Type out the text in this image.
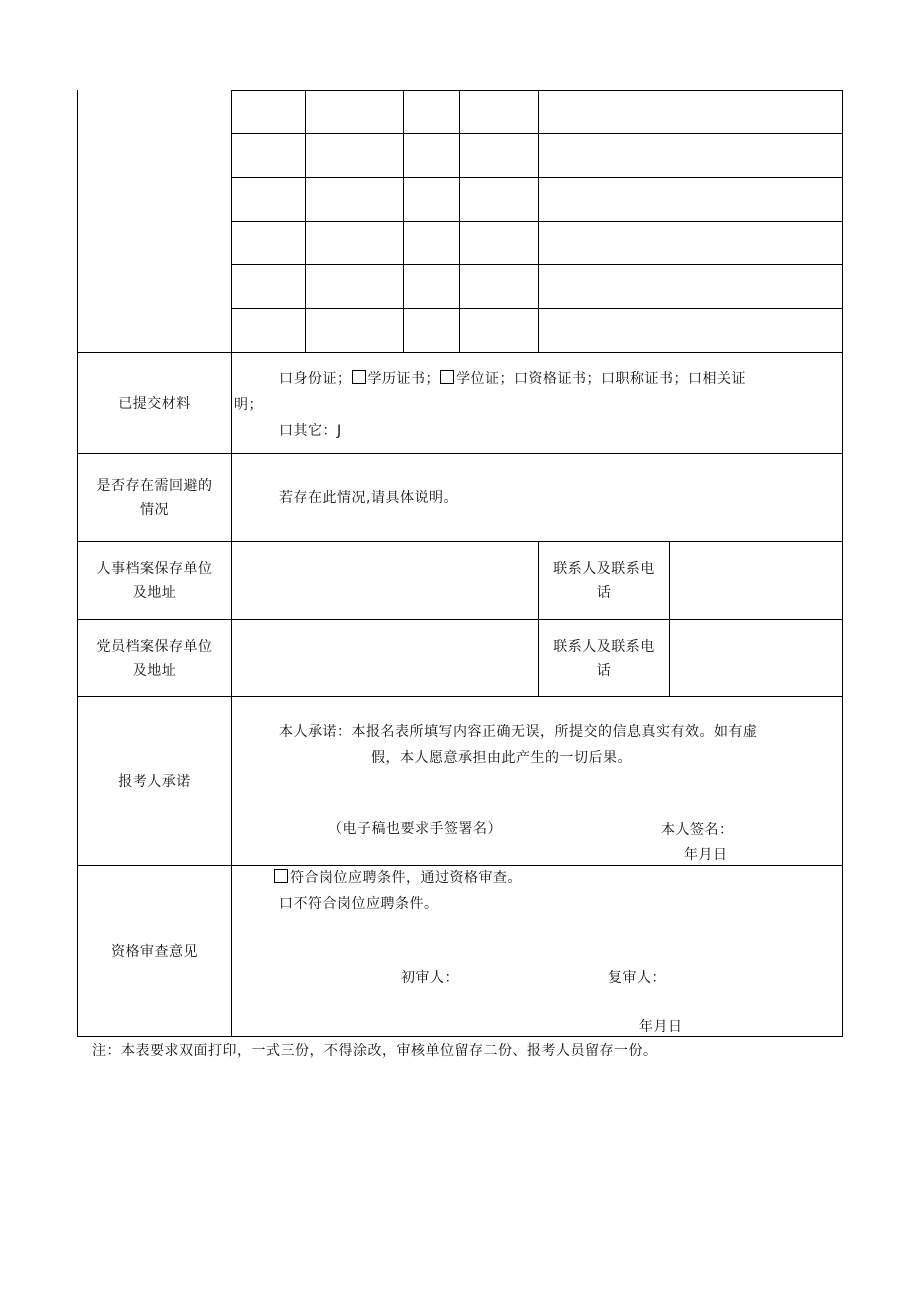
已提交材料
口身份证； 学历证书； 学位证；口资格证书；口职称证书；口相关证
明；
口其它：J
是否存在需回避的
情况
若存在此情况,请具体说明。
人事档案保存单位
及地址
联系人及联系电
话
党员档案保存单位
及地址
联系人及联系电
话
报考人承诺
本人承诺：本报名表所填写内容正确无误，所提交的信息真实有效。如有虚
假，本人愿意承担由此产生的一切后果。
（电子稿也要求手签署名）	本人签名：
年月日
资格审查意见
符合岗位应聘条件，通过资格审查。
口不符合岗位应聘条件。
初审人：	复审人：
年月日
注：本表要求双面打印，一式三份，不得涂改，审核单位留存二份、报考人员留存一份。
